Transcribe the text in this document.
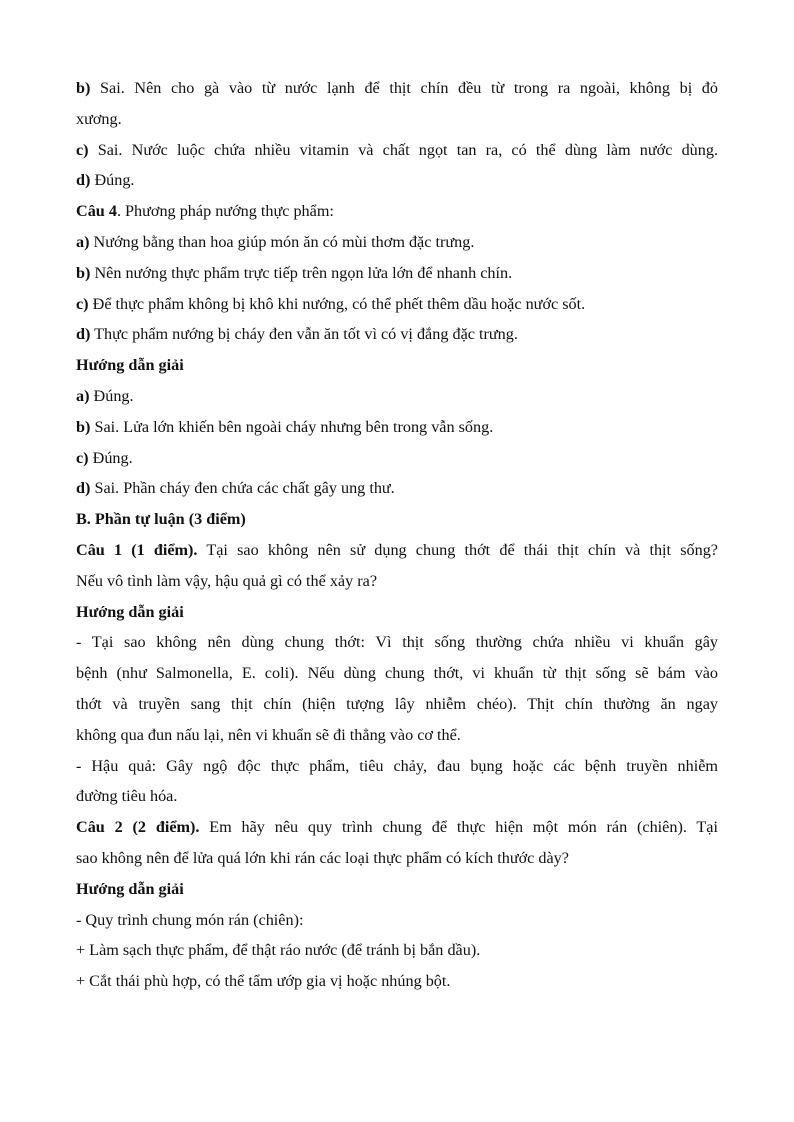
b) Sai. Nên cho gà vào từ nước lạnh để thịt chín đều từ trong ra ngoài, không bị đỏ
xương.
c) Sai. Nước luộc chứa nhiều vitamin và chất ngọt tan ra, có thể dùng làm nước dùng.
d) Đúng.
Câu 4. Phương pháp nướng thực phẩm:
a) Nướng bằng than hoa giúp món ăn có mùi thơm đặc trưng.
b) Nên nướng thực phẩm trực tiếp trên ngọn lửa lớn để nhanh chín.
c) Để thực phẩm không bị khô khi nướng, có thể phết thêm dầu hoặc nước sốt.
d) Thực phẩm nướng bị cháy đen vẫn ăn tốt vì có vị đắng đặc trưng.
Hướng dẫn giải
a) Đúng.
b) Sai. Lửa lớn khiến bên ngoài cháy nhưng bên trong vẫn sống.
c) Đúng.
d) Sai. Phần cháy đen chứa các chất gây ung thư.
B. Phần tự luận (3 điểm)
Câu 1 (1 điểm). Tại sao không nên sử dụng chung thớt để thái thịt chín và thịt sống?
Nếu vô tình làm vậy, hậu quả gì có thể xảy ra?
Hướng dẫn giải
- Tại sao không nên dùng chung thớt: Vì thịt sống thường chứa nhiều vi khuẩn gây
bệnh (như Salmonella, E. coli). Nếu dùng chung thớt, vi khuẩn từ thịt sống sẽ bám vào
thớt và truyền sang thịt chín (hiện tượng lây nhiễm chéo). Thịt chín thường ăn ngay
không qua đun nấu lại, nên vi khuẩn sẽ đi thẳng vào cơ thể.
- Hậu quả: Gây ngộ độc thực phẩm, tiêu chảy, đau bụng hoặc các bệnh truyền nhiễm
đường tiêu hóa.
Câu 2 (2 điểm). Em hãy nêu quy trình chung để thực hiện một món rán (chiên). Tại
sao không nên để lửa quá lớn khi rán các loại thực phẩm có kích thước dày?
Hướng dẫn giải
- Quy trình chung món rán (chiên):
+ Làm sạch thực phẩm, để thật ráo nước (để tránh bị bắn dầu).
+ Cắt thái phù hợp, có thể tẩm ướp gia vị hoặc nhúng bột.
